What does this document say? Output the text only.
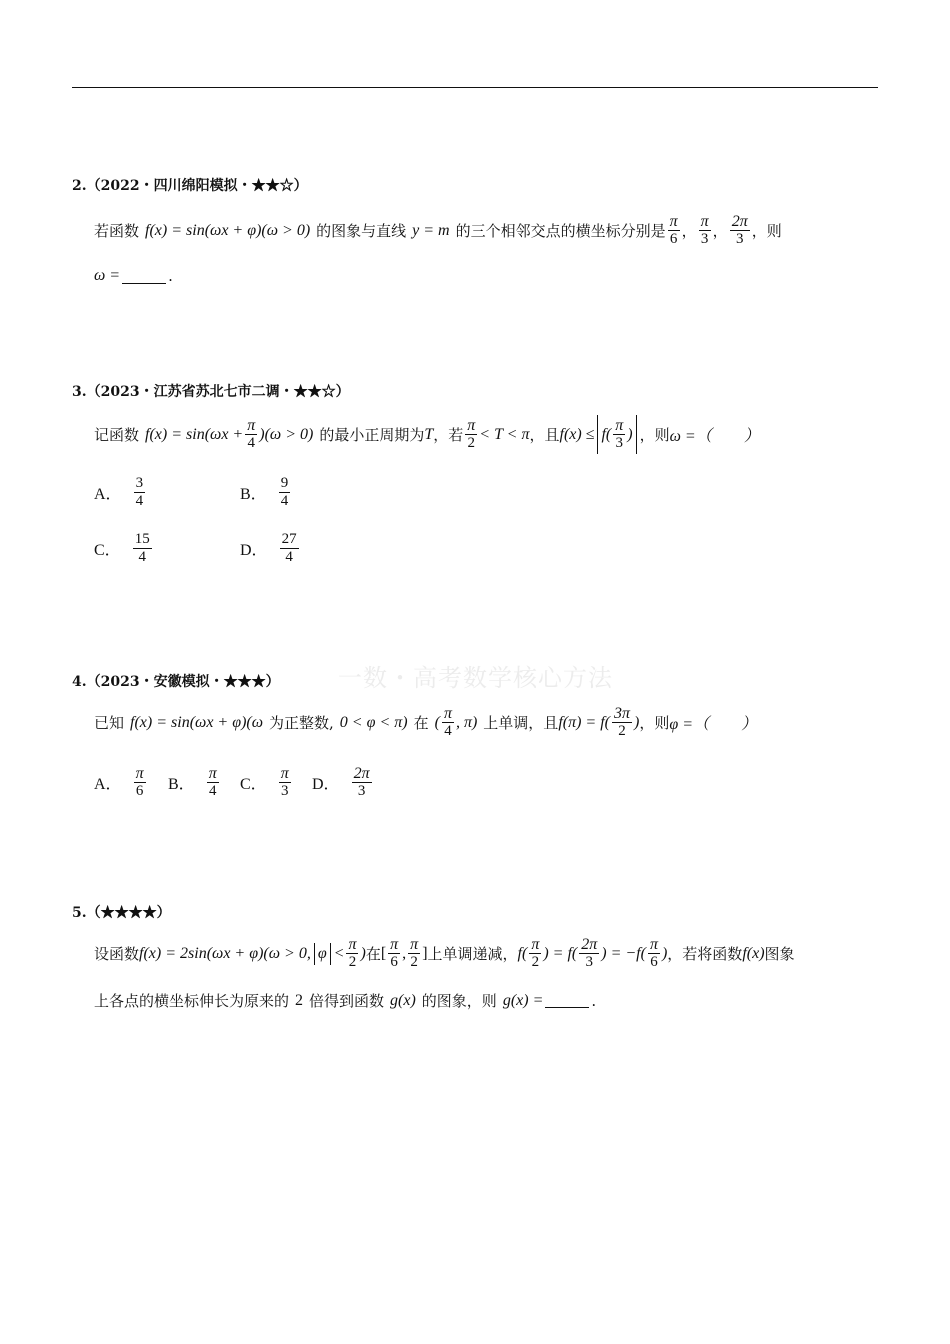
2.（2022・四川绵阳模拟・★★☆）
若函数 f(x) = sin(ωx + φ)(ω > 0) 的图象与直线 y = m 的三个相邻交点的横坐标分别是 $\frac{\pi}{6}$ ， $\frac{\pi}{3}$ ， $\frac{2\pi}{3}$ ， 则
ω =	.
3.（2023・江苏省苏北七市二调・★★☆）
记函数 $f(x) = \sin(\omega x + \frac{\pi}{4} )(\omega > 0)$ 的最小正周期为 T ，若 $\frac{\pi}{2} < T < \pi$ ，且 $f(x) \le f( \frac{\pi}{3}$ ) ，则 ω =（　　）
A． $\frac{3}{4}$	B． $\frac{9}{4}$
C． $\frac{15}{4}$	D． $\frac{27}{4}$
一数・高考数学核心方法
4.（2023・安徽模拟・★★★）
已知 f(x) = sin(ωx + φ)(ω 为正整数, 0 < φ < π) 在 ( $\frac{\pi}{4}$ , π) 上单调，且 $f(\pi) = f( \frac{3\pi}{2}$ ) ，则 φ =（　　）
A． $\frac{\pi}{6}$ B． $\frac{\pi}{4}$ C． $\frac{\pi}{3}$ D． $\frac{2\pi}{3}$
5.（★★★★）
设函数 f(x) = 2sin(ωx + φ)(ω > 0, $\varphi < \frac{\pi}{2}$ ) 在 [ $\frac{\pi}{6}$ , $\frac{\pi}{2}$ ] 上单调递减， $f( \frac{\pi}{2}$ ) = $f( \frac{2\pi}{3}$ ) = $-f( \frac{\pi}{6}$ ) ，若将函数 f(x) 图象
上各点的横坐标伸长为原来的 2 倍得到函数 g(x) 的图象，则 g(x) =	.
